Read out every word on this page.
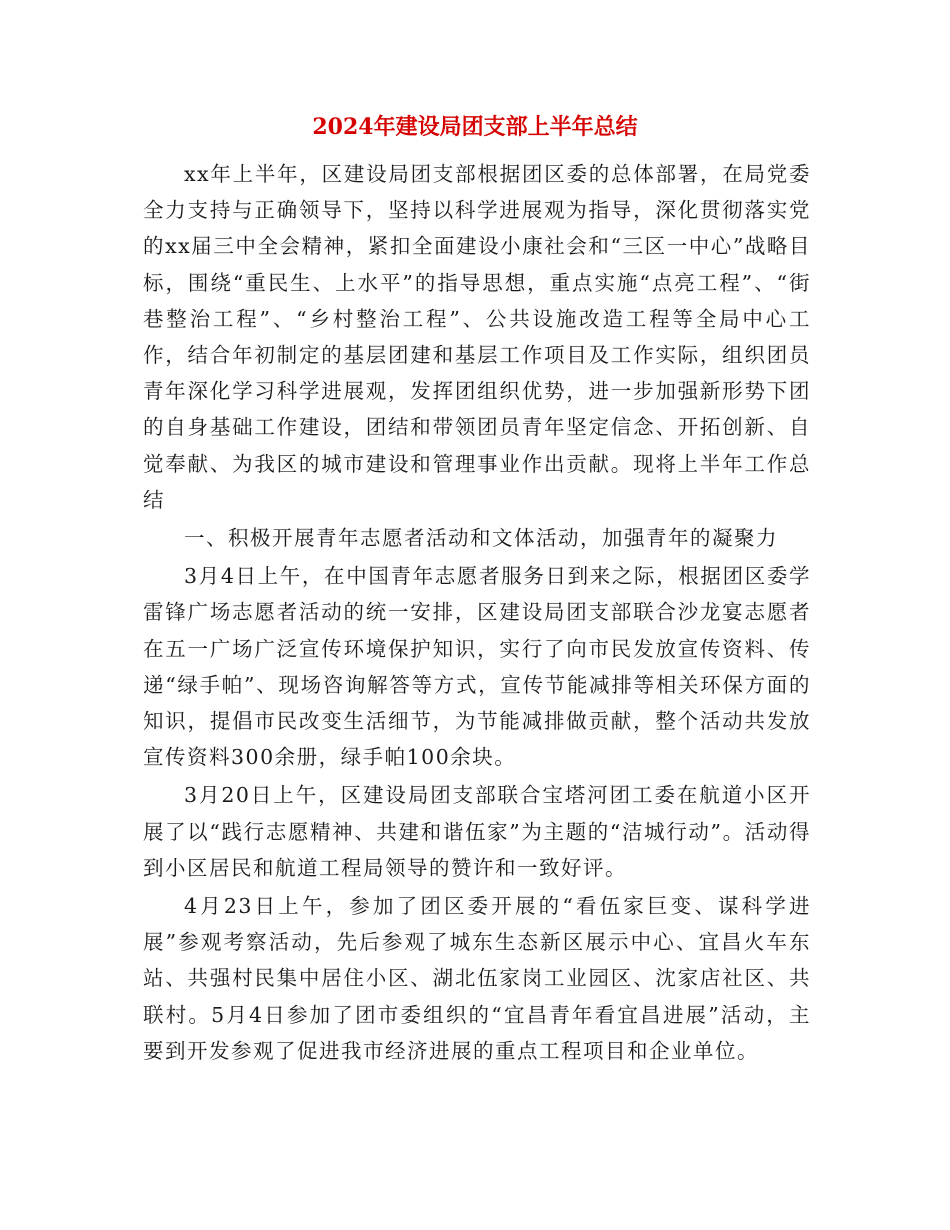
2024年建设局团支部上半年总结

xx年上半年，区建设局团支部根据团区委的总体部署，在局党委全力支持与正确领导下，坚持以科学进展观为指导，深化贯彻落实党的xx届三中全会精神，紧扣全面建设小康社会和“三区一中心”战略目标，围绕“重民生、上水平”的指导思想，重点实施“点亮工程”、“街巷整治工程”、“乡村整治工程”、公共设施改造工程等全局中心工作，结合年初制定的基层团建和基层工作项目及工作实际，组织团员青年深化学习科学进展观，发挥团组织优势，进一步加强新形势下团的自身基础工作建设，团结和带领团员青年坚定信念、开拓创新、自觉奉献、为我区的城市建设和管理事业作出贡献。现将上半年工作总结

一、积极开展青年志愿者活动和文体活动，加强青年的凝聚力

3月4日上午，在中国青年志愿者服务日到来之际，根据团区委学雷锋广场志愿者活动的统一安排，区建设局团支部联合沙龙宴志愿者在五一广场广泛宣传环境保护知识，实行了向市民发放宣传资料、传递“绿手帕”、现场咨询解答等方式，宣传节能减排等相关环保方面的知识，提倡市民改变生活细节，为节能减排做贡献，整个活动共发放宣传资料300余册，绿手帕100余块。

3月20日上午，区建设局团支部联合宝塔河团工委在航道小区开展了以“践行志愿精神、共建和谐伍家”为主题的“洁城行动”。活动得到小区居民和航道工程局领导的赞许和一致好评。

4月23日上午，参加了团区委开展的“看伍家巨变、谋科学进展”参观考察活动，先后参观了城东生态新区展示中心、宜昌火车东站、共强村民集中居住小区、湖北伍家岗工业园区、沈家店社区、共联村。5月4日参加了团市委组织的“宜昌青年看宜昌进展”活动，主要到开发参观了促进我市经济进展的重点工程项目和企业单位。
